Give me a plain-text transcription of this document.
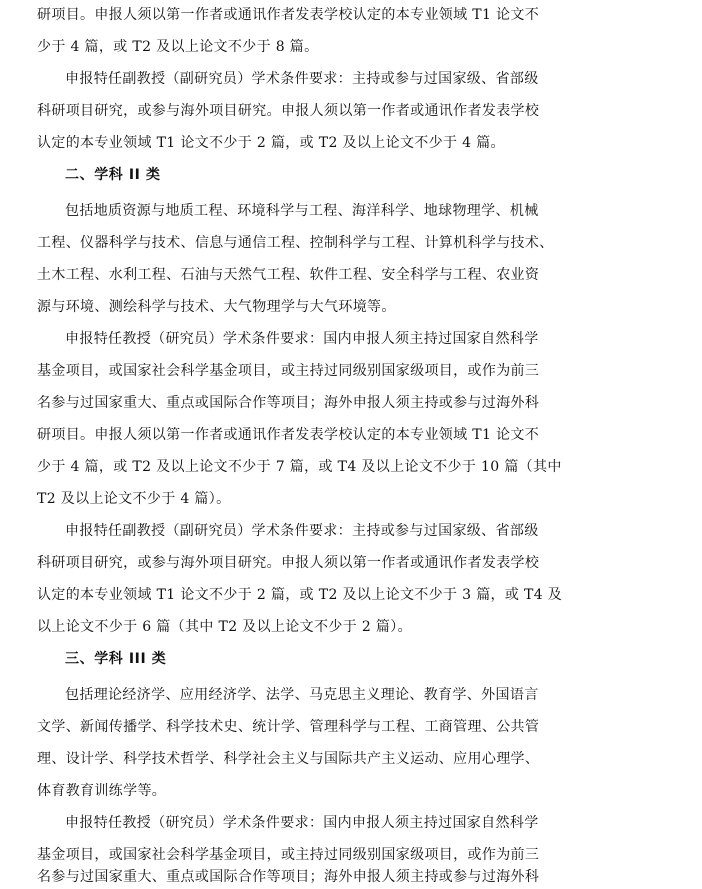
研项目。申报人须以第一作者或通讯作者发表学校认定的本专业领域 T1 论文不
少于 4 篇，或 T2 及以上论文不少于 8 篇。
申报特任副教授（副研究员）学术条件要求：主持或参与过国家级、省部级
科研项目研究，或参与海外项目研究。申报人须以第一作者或通讯作者发表学校
认定的本专业领域 T1 论文不少于 2 篇，或 T2 及以上论文不少于 4 篇。
二、学科 II 类
包括地质资源与地质工程、环境科学与工程、海洋科学、地球物理学、机械
工程、仪器科学与技术、信息与通信工程、控制科学与工程、计算机科学与技术、
土木工程、水利工程、石油与天然气工程、软件工程、安全科学与工程、农业资
源与环境、测绘科学与技术、大气物理学与大气环境等。
申报特任教授（研究员）学术条件要求：国内申报人须主持过国家自然科学
基金项目，或国家社会科学基金项目，或主持过同级别国家级项目，或作为前三
名参与过国家重大、重点或国际合作等项目；海外申报人须主持或参与过海外科
研项目。申报人须以第一作者或通讯作者发表学校认定的本专业领域 T1 论文不
少于 4 篇，或 T2 及以上论文不少于 7 篇，或 T4 及以上论文不少于 10 篇（其中
T2 及以上论文不少于 4 篇）。
申报特任副教授（副研究员）学术条件要求：主持或参与过国家级、省部级
科研项目研究，或参与海外项目研究。申报人须以第一作者或通讯作者发表学校
认定的本专业领域 T1 论文不少于 2 篇，或 T2 及以上论文不少于 3 篇，或 T4 及
以上论文不少于 6 篇（其中 T2 及以上论文不少于 2 篇）。
三、学科 III 类
包括理论经济学、应用经济学、法学、马克思主义理论、教育学、外国语言
文学、新闻传播学、科学技术史、统计学、管理科学与工程、工商管理、公共管
理、设计学、科学技术哲学、科学社会主义与国际共产主义运动、应用心理学、
体育教育训练学等。
申报特任教授（研究员）学术条件要求：国内申报人须主持过国家自然科学
基金项目，或国家社会科学基金项目，或主持过同级别国家级项目，或作为前三
名参与过国家重大、重点或国际合作等项目；海外申报人须主持或参与过海外科
